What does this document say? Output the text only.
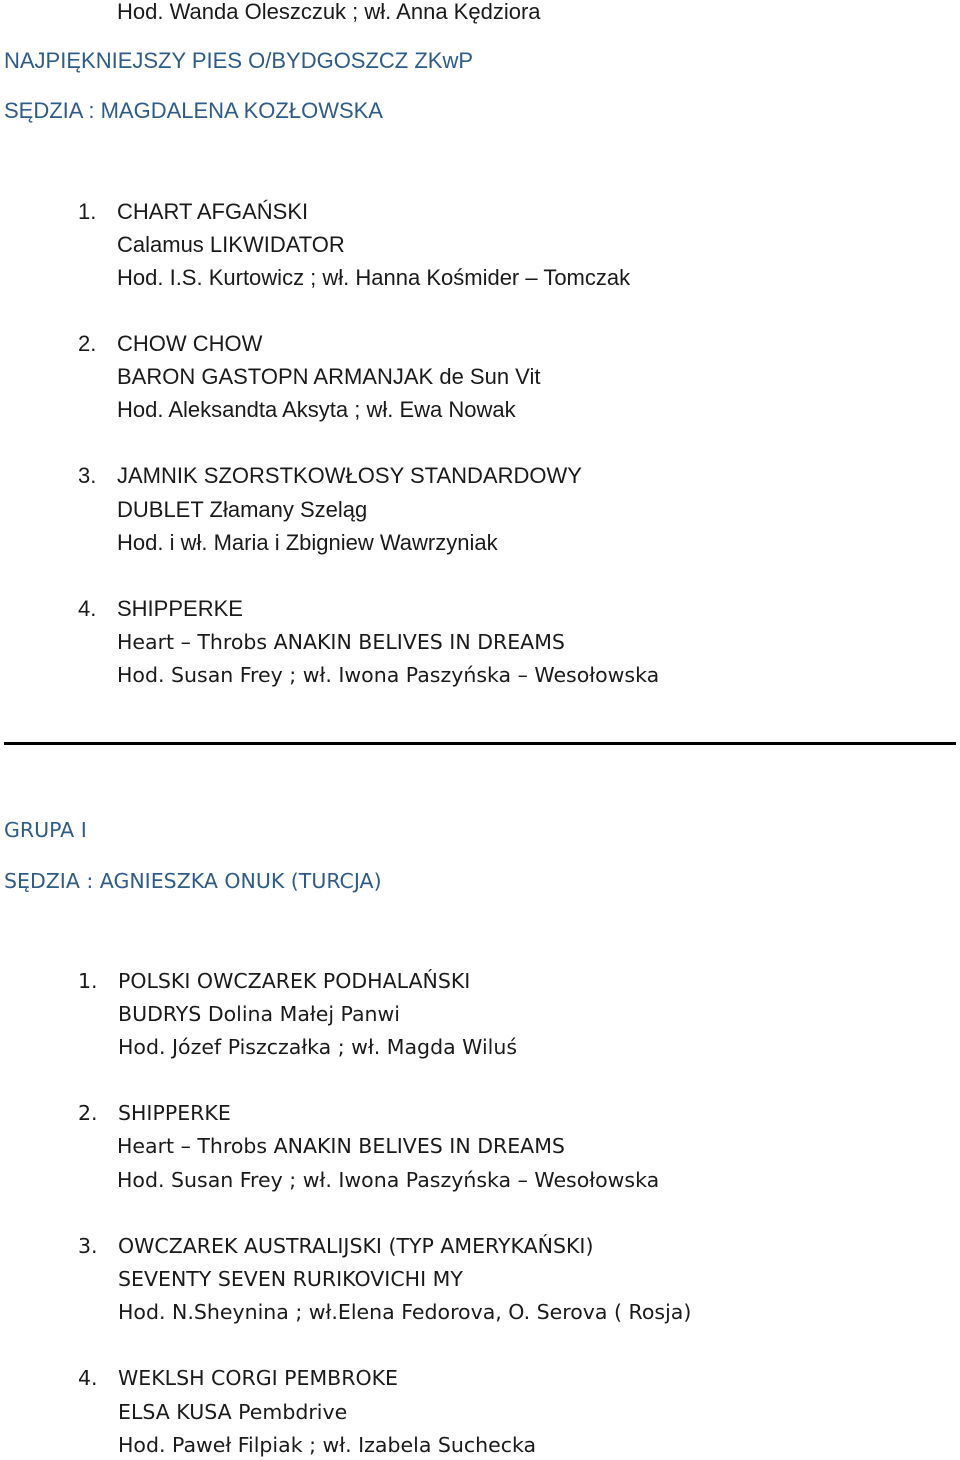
Hod. Wanda Oleszczuk ; wł. Anna Kędziora
NAJPIĘKNIEJSZY PIES O/BYDGOSZCZ ZKwP
SĘDZIA : MAGDALENA KOZŁOWSKA
1. CHART AFGAŃSKI
Calamus LIKWIDATOR
Hod. I.S. Kurtowicz ; wł. Hanna Kośmider – Tomczak
2. CHOW CHOW
BARON GASTOPN ARMANJAK de Sun Vit
Hod. Aleksandta Aksyta ; wł. Ewa Nowak
3. JAMNIK SZORSTKOWŁOSY STANDARDOWY
DUBLET Złamany Szeląg
Hod. i wł. Maria i Zbigniew Wawrzyniak
4. SHIPPERKE
Heart – Throbs ANAKIN BELIVES IN DREAMS
Hod. Susan Frey ; wł. Iwona Paszyńska – Wesołowska
GRUPA I
SĘDZIA : AGNIESZKA ONUK (TURCJA)
1. POLSKI OWCZAREK PODHALAŃSKI
BUDRYS Dolina Małej Panwi
Hod. Józef Piszczałka ; wł. Magda Wiluś
2. SHIPPERKE
Heart – Throbs ANAKIN BELIVES IN DREAMS
Hod. Susan Frey ; wł. Iwona Paszyńska – Wesołowska
3. OWCZAREK AUSTRALIJSKI (TYP AMERYKAŃSKI)
SEVENTY SEVEN RURIKOVICHI MY
Hod. N.Sheynina ; wł.Elena Fedorova, O. Serova ( Rosja)
4. WEKLSH CORGI PEMBROKE
ELSA KUSA Pembdrive
Hod. Paweł Filpiak ; wł. Izabela Suchecka
